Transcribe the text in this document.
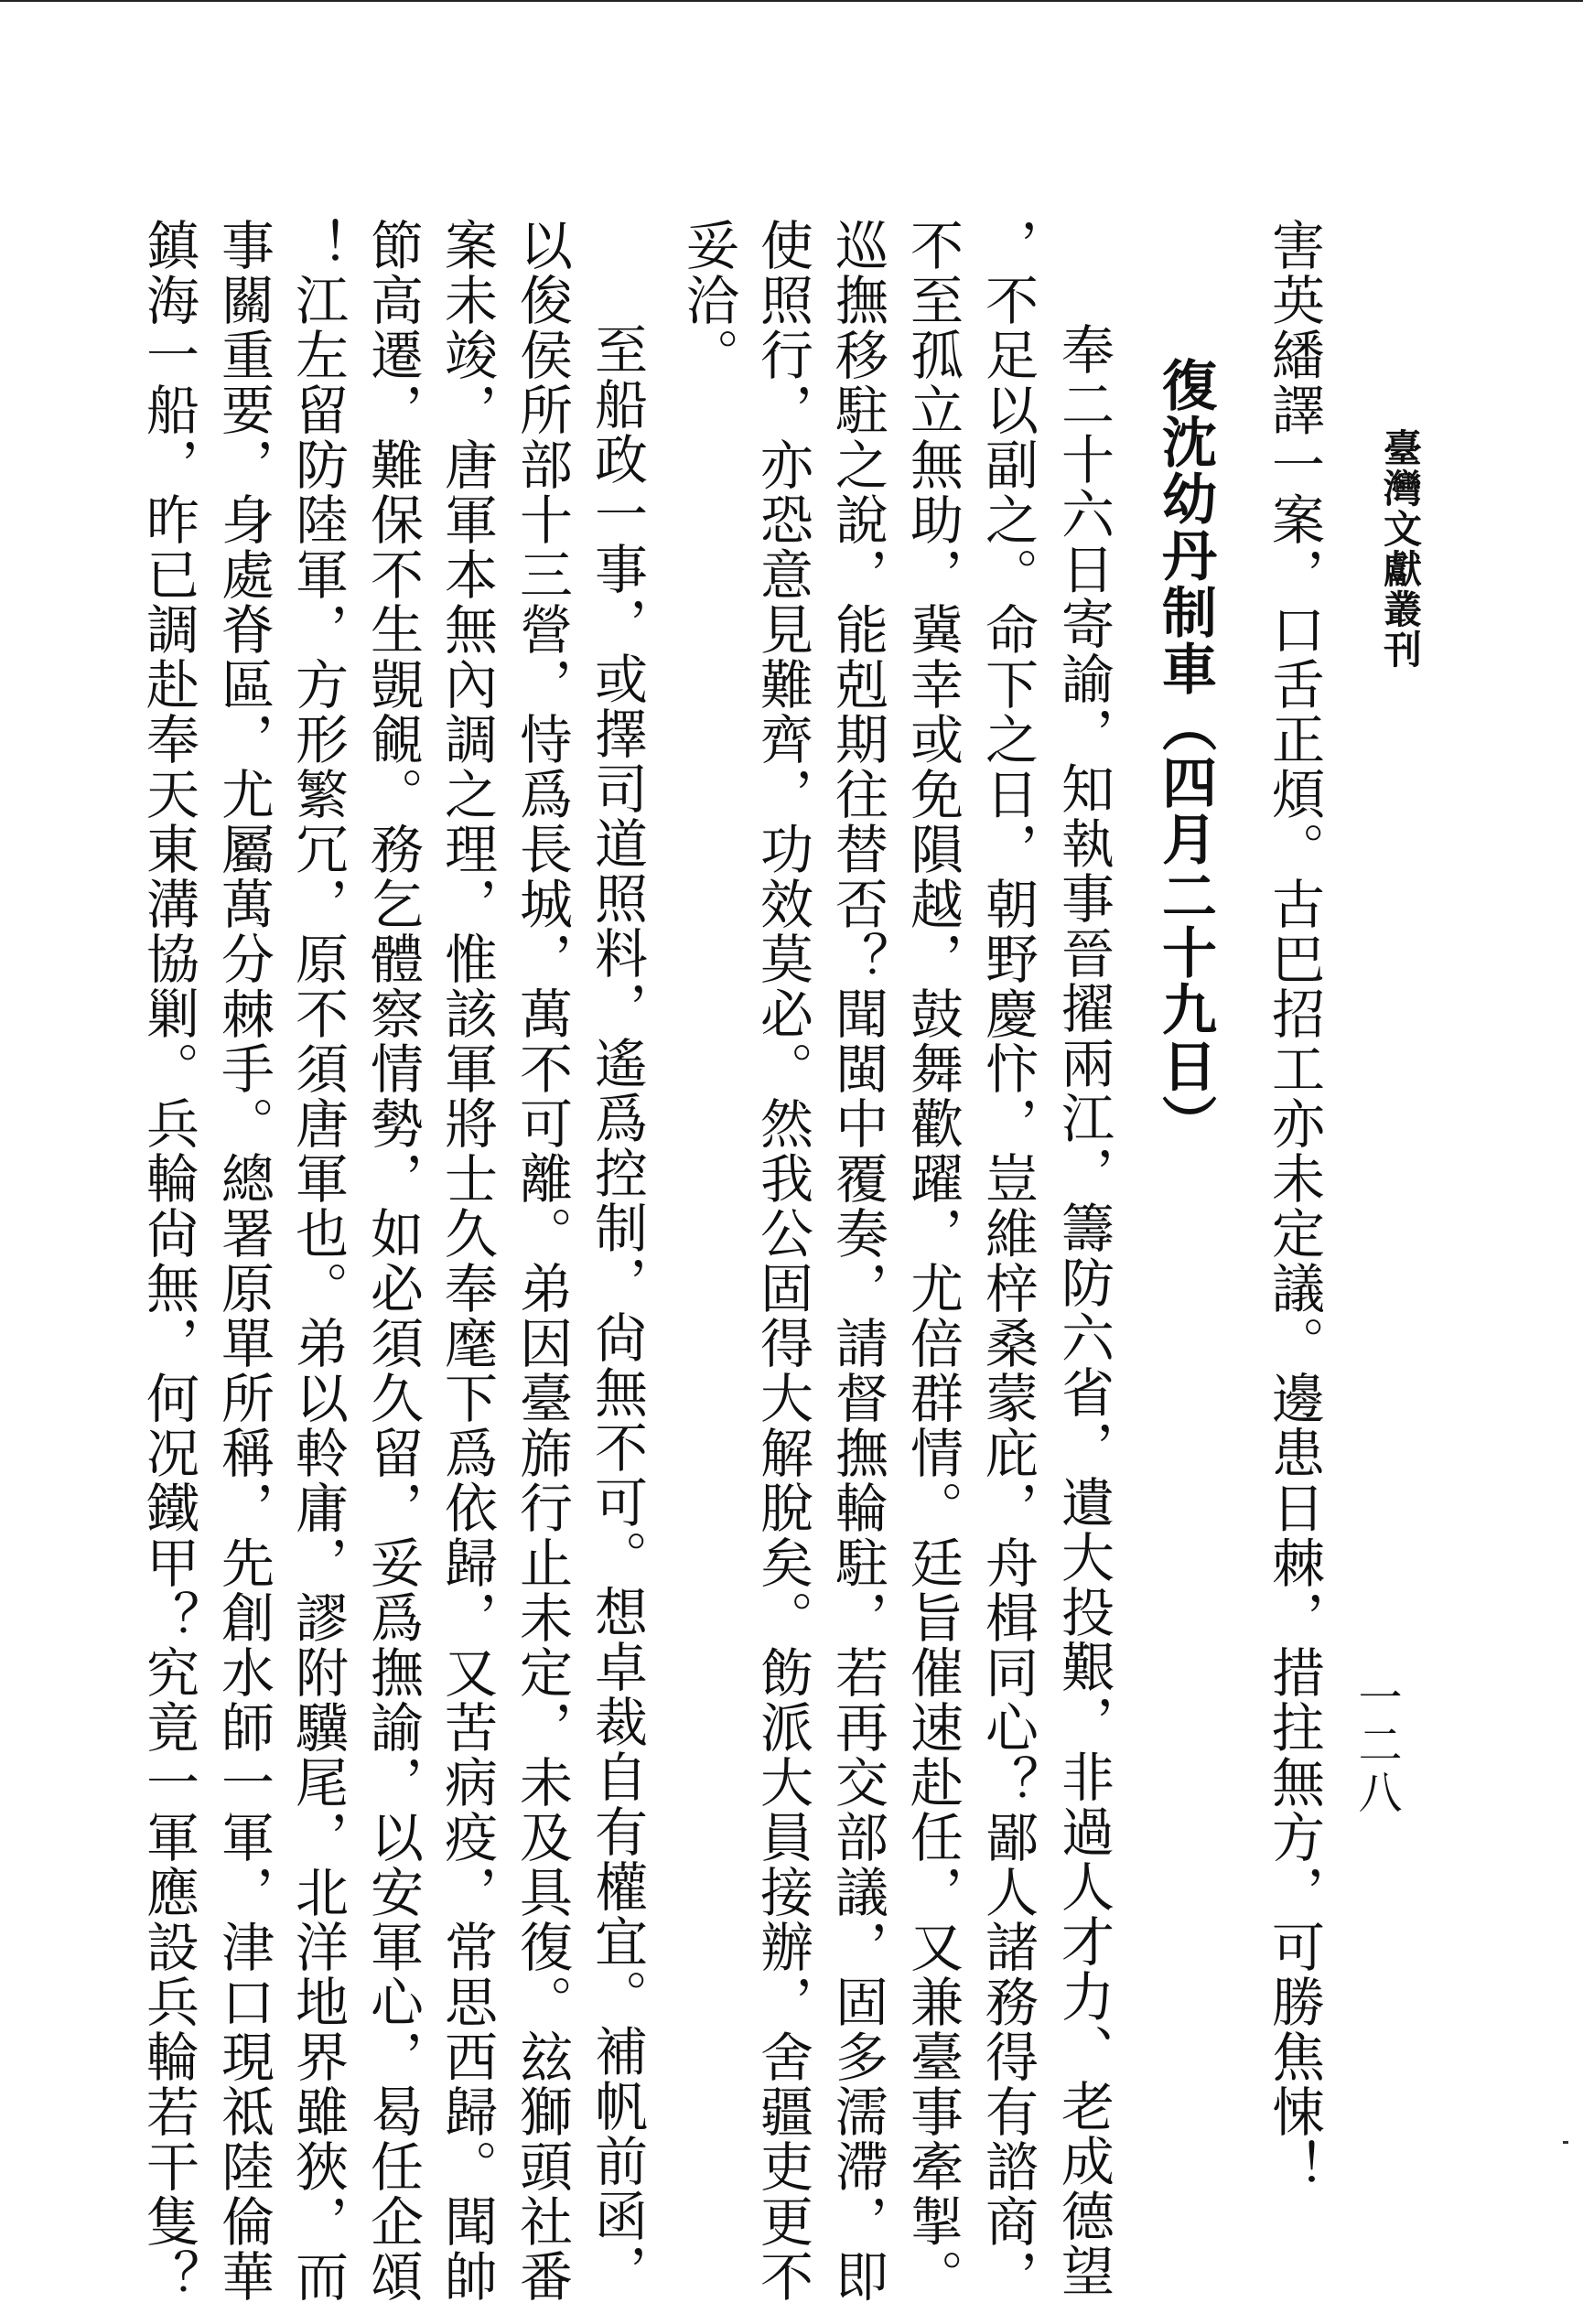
臺灣文獻叢刊
一二八
害英繙譯一案，口舌正煩。古巴招工亦未定議。邊患日棘，措拄無方，可勝焦悚！
復沈幼丹制車（四月二十九日）
奉二十六日寄諭，知執事晉擢兩江，籌防六省，遺大投艱，非過人才力、老成德望
，不足以副之。命下之日，朝野慶忭，豈維梓桑蒙庇，舟楫同心？鄙人諸務得有諮商，
不至孤立無助，冀幸或免隕越，鼓舞歡躍，尤倍群情。廷旨催速赴任，又兼臺事牽掣。
巡撫移駐之說，能剋期往替否？聞閩中覆奏，請督撫輪駐，若再交部議，固多濡滯，即
使照行，亦恐意見難齊，功效莫必。然我公固得大解脫矣。飭派大員接辦，舍疆吏更不
妥洽。
至船政一事，或擇司道照料，遙爲控制，尙無不可。想卓裁自有權宜。補帆前函，
以俊侯所部十三營，恃爲長城，萬不可離。弟因臺旆行止未定，未及具復。玆獅頭社番
案未竣，唐軍本無內調之理，惟該軍將士久奉麾下爲依歸，又苦病疫，常思西歸。聞帥
節高遷，難保不生覬覦。務乞體察情勢，如必須久留，妥爲撫諭，以安軍心，曷任企頌
！江左留防陸軍，方形繁冗，原不須唐軍也。弟以軨庸，謬附驥尾，北洋地界雖狹，而
事關重要，身處脊區，尤屬萬分棘手。總署原單所稱，先創水師一軍，津口現祗陸倫華
鎮海一船，昨已調赴奉天東溝協剿。兵輪尙無，何况鐵甲？究竟一軍應設兵輪若干隻？
